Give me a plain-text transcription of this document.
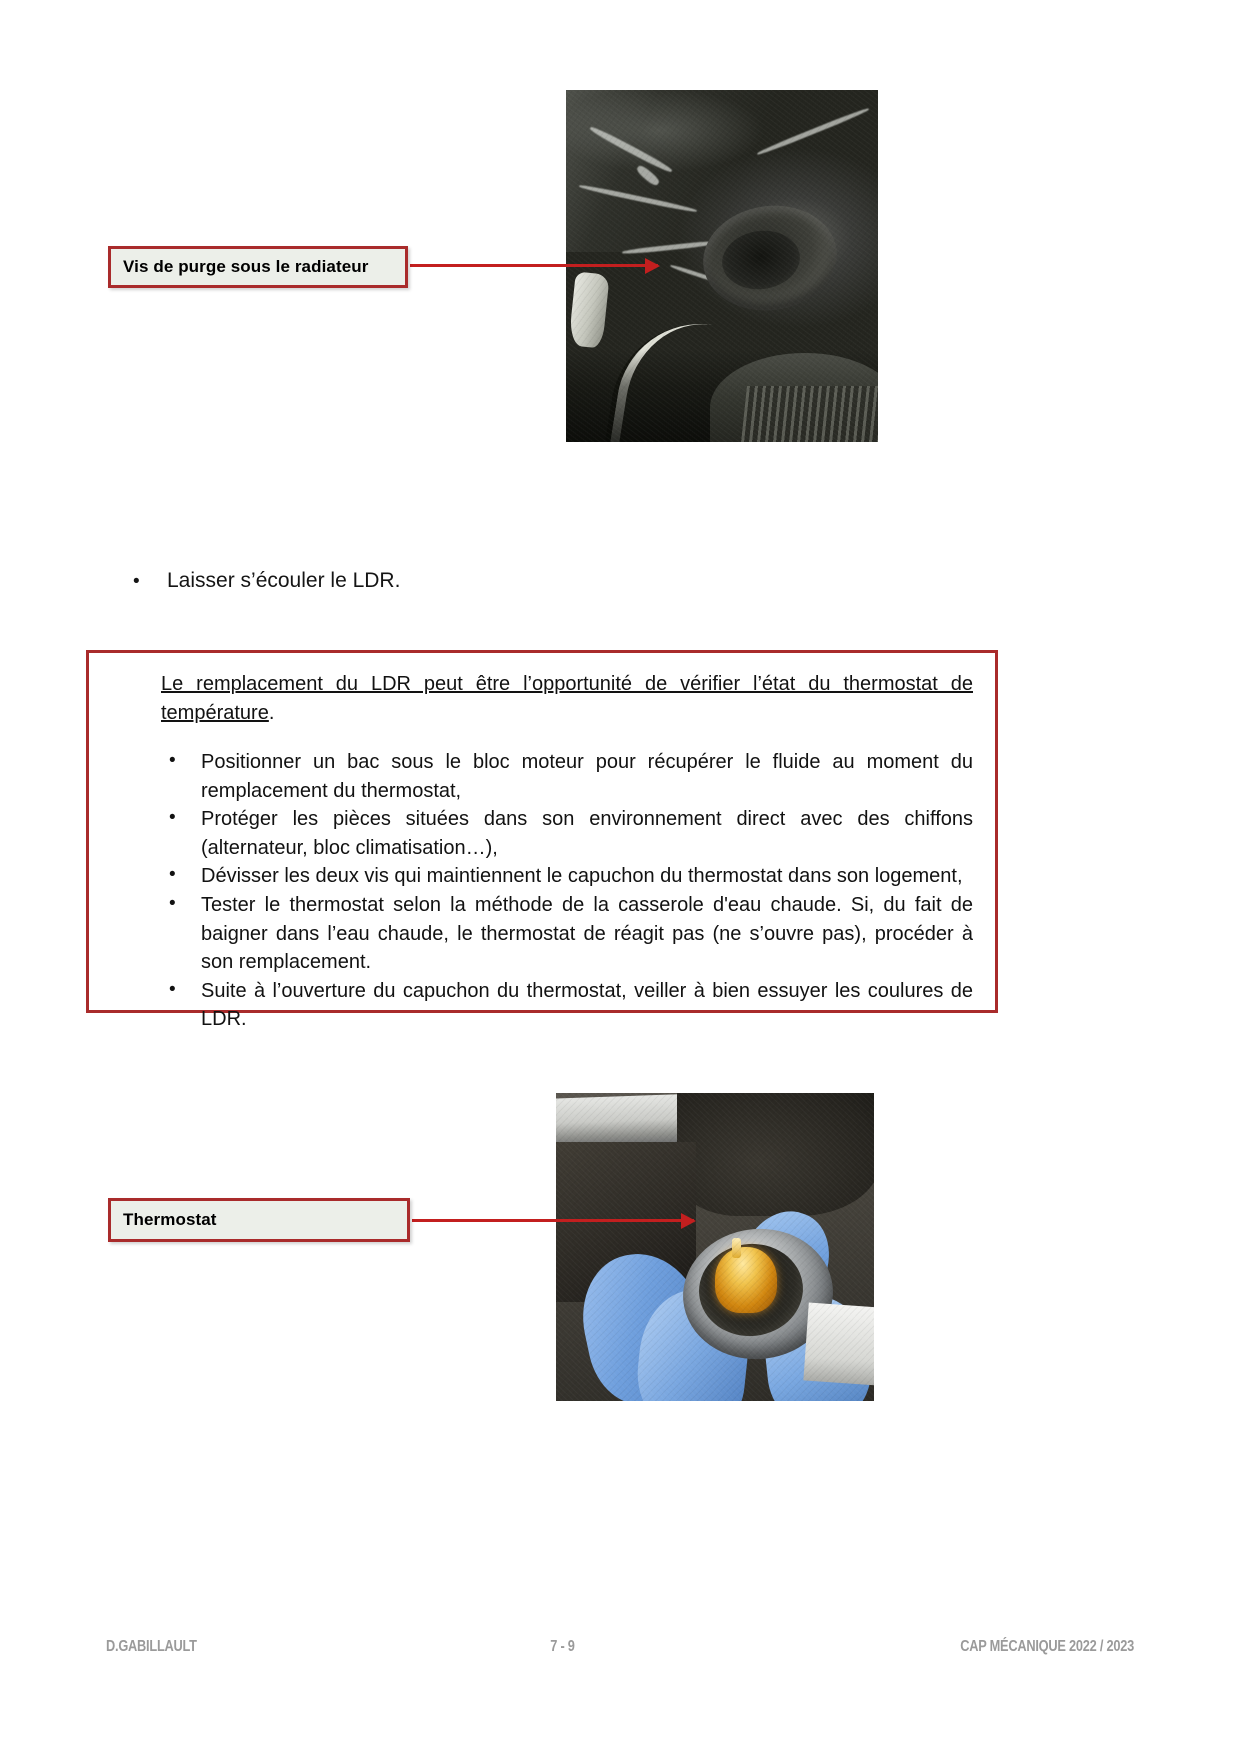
Vis de purge sous le radiateur
•	Laisser s’écouler le LDR.

Le remplacement du LDR peut être l’opportunité de vérifier l’état du thermostat de température.

• Positionner un bac sous le bloc moteur pour récupérer le fluide au moment du remplacement du thermostat,
• Protéger les pièces situées dans son environnement direct avec des chiffons (alternateur, bloc climatisation…),
• Dévisser les deux vis qui maintiennent le capuchon du thermostat dans son logement,
• Tester le thermostat selon la méthode de la casserole d'eau chaude. Si, du fait de baigner dans l’eau chaude, le thermostat de réagit pas (ne s’ouvre pas), procéder à son remplacement.
• Suite à l’ouverture du capuchon du thermostat, veiller à bien essuyer les coulures de LDR.
Thermostat
D.GABILLAULT	7 - 9	CAP MÉCANIQUE 2022 / 2023
